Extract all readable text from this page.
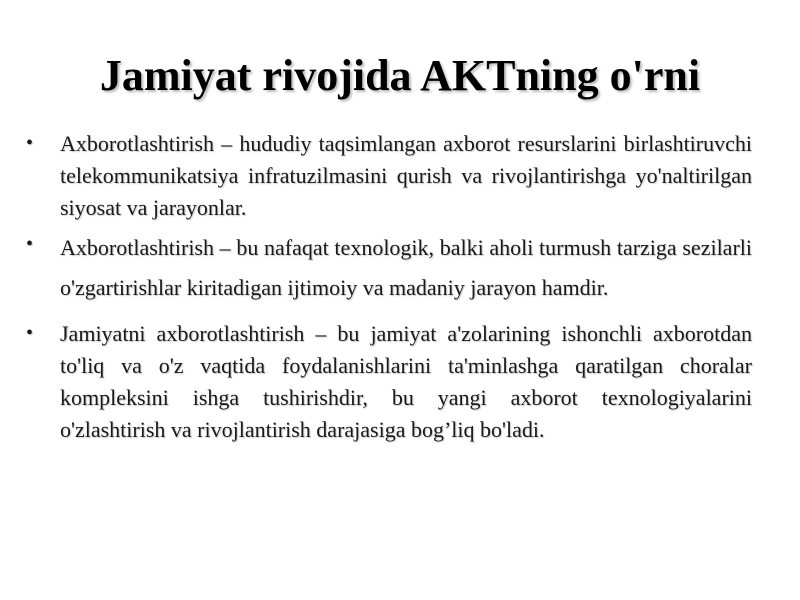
Jamiyat rivojida AKTning o'rni
• Axborotlashtirish – hududiy taqsimlangan axborot resurslarini birlashtiruvchi telekommunikatsiya infratuzilmasini qurish va rivojlantirishga yo'naltirilgan siyosat va jarayonlar.
• Axborotlashtirish – bu nafaqat texnologik, balki aholi turmush tarziga sezilarli o'zgartirishlar kiritadigan ijtimoiy va madaniy jarayon hamdir.
• Jamiyatni axborotlashtirish – bu jamiyat a'zolarining ishonchli axborotdan to'liq va o'z vaqtida foydalanishlarini ta'minlashga qaratilgan choralar kompleksini ishga tushirishdir, bu yangi axborot texnologiyalarini o'zlashtirish va rivojlantirish darajasiga bog’liq bo'ladi.
